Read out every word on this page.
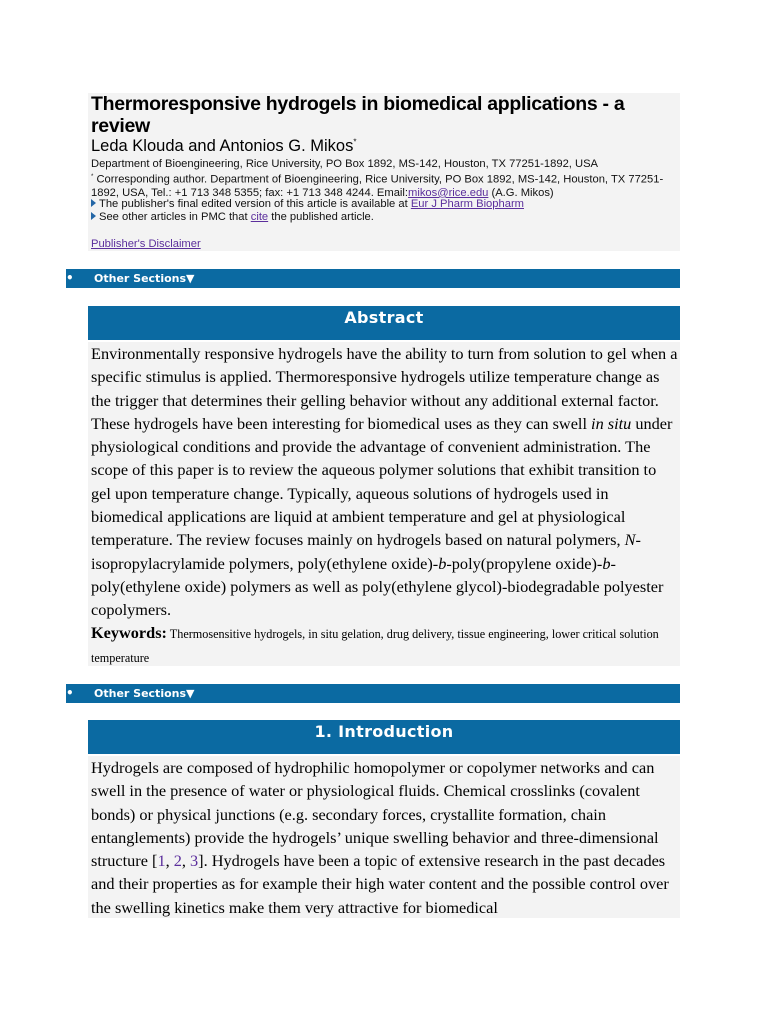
Thermoresponsive hydrogels in biomedical applications - a review
Leda Klouda and Antonios G. Mikos*
Department of Bioengineering, Rice University, PO Box 1892, MS-142, Houston, TX 77251-1892, USA
* Corresponding author. Department of Bioengineering, Rice University, PO Box 1892, MS-142, Houston, TX 77251-1892, USA, Tel.: +1 713 348 5355; fax: +1 713 348 4244. Email:mikos@rice.edu (A.G. Mikos)
The publisher's final edited version of this article is available at Eur J Pharm Biopharm
See other articles in PMC that cite the published article.
Publisher's Disclaimer
• Other Sections▼
Abstract

Environmentally responsive hydrogels have the ability to turn from solution to gel when a specific stimulus is applied. Thermoresponsive hydrogels utilize temperature change as the trigger that determines their gelling behavior without any additional external factor. These hydrogels have been interesting for biomedical uses as they can swell in situ under physiological conditions and provide the advantage of convenient administration. The scope of this paper is to review the aqueous polymer solutions that exhibit transition to gel upon temperature change. Typically, aqueous solutions of hydrogels used in biomedical applications are liquid at ambient temperature and gel at physiological temperature. The review focuses mainly on hydrogels based on natural polymers, N-isopropylacrylamide polymers, poly(ethylene oxide)-b-poly(propylene oxide)-b-poly(ethylene oxide) polymers as well as poly(ethylene glycol)-biodegradable polyester copolymers.

Keywords: Thermosensitive hydrogels, in situ gelation, drug delivery, tissue engineering, lower critical solution temperature
• Other Sections▼
1. Introduction

Hydrogels are composed of hydrophilic homopolymer or copolymer networks and can swell in the presence of water or physiological fluids. Chemical crosslinks (covalent bonds) or physical junctions (e.g. secondary forces, crystallite formation, chain entanglements) provide the hydrogels’ unique swelling behavior and three-dimensional structure [1, 2, 3]. Hydrogels have been a topic of extensive research in the past decades and their properties as for example their high water content and the possible control over the swelling kinetics make them very attractive for biomedical
